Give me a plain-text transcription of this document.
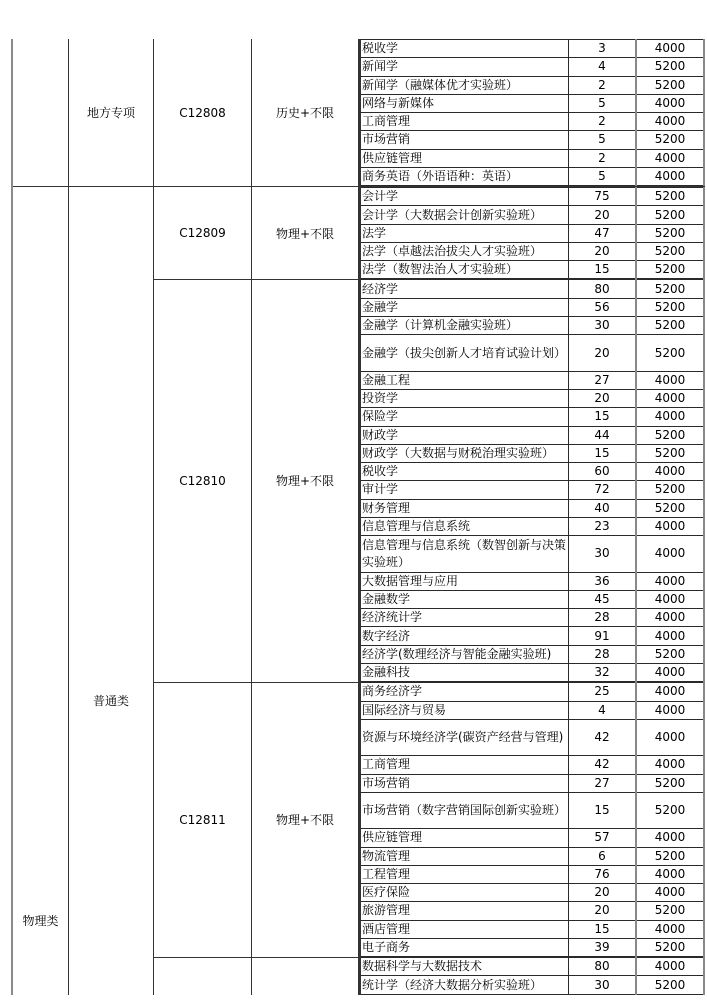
	地方专项	C12808	历史+不限	
税收学	3	4000
新闻学	4	5200
新闻学（融媒体优才实验班）	2	5200
网络与新媒体	5	4000
工商管理	2	4000
市场营销	5	5200
供应链管理	2	4000
商务英语（外语语种：英语）	5	4000

物理类	普通类	C12809	物理+不限	
会计学	75	5200
会计学（大数据会计创新实验班）	20	5200
法学	47	5200
法学（卓越法治拔尖人才实验班）	20	5200
法学（数智法治人才实验班）	15	5200

C12810	物理+不限	
经济学	80	5200
金融学	56	5200
金融学（计算机金融实验班）	30	5200
金融学（拔尖创新人才培育试验计划）	20	5200
金融工程	27	4000
投资学	20	4000
保险学	15	4000
财政学	44	5200
财政学（大数据与财税治理实验班）	15	5200
税收学	60	4000
审计学	72	5200
财务管理	40	5200
信息管理与信息系统	23	4000
信息管理与信息系统（数智创新与决策实验班）	30	4000
大数据管理与应用	36	4000
金融数学	45	4000
经济统计学	28	4000
数字经济	91	4000
经济学(数理经济与智能金融实验班)	28	5200
金融科技	32	4000

C12811	物理+不限	
商务经济学	25	4000
国际经济与贸易	4	4000
资源与环境经济学(碳资产经营与管理)	42	4000
工商管理	42	4000
市场营销	27	5200
市场营销（数字营销国际创新实验班）	15	5200
供应链管理	57	4000
物流管理	6	5200
工程管理	76	4000
医疗保险	20	4000
旅游管理	20	5200
酒店管理	15	4000
电子商务	39	5200

数据科学与大数据技术	80	4000
统计学（经济大数据分析实验班）	30	5200
